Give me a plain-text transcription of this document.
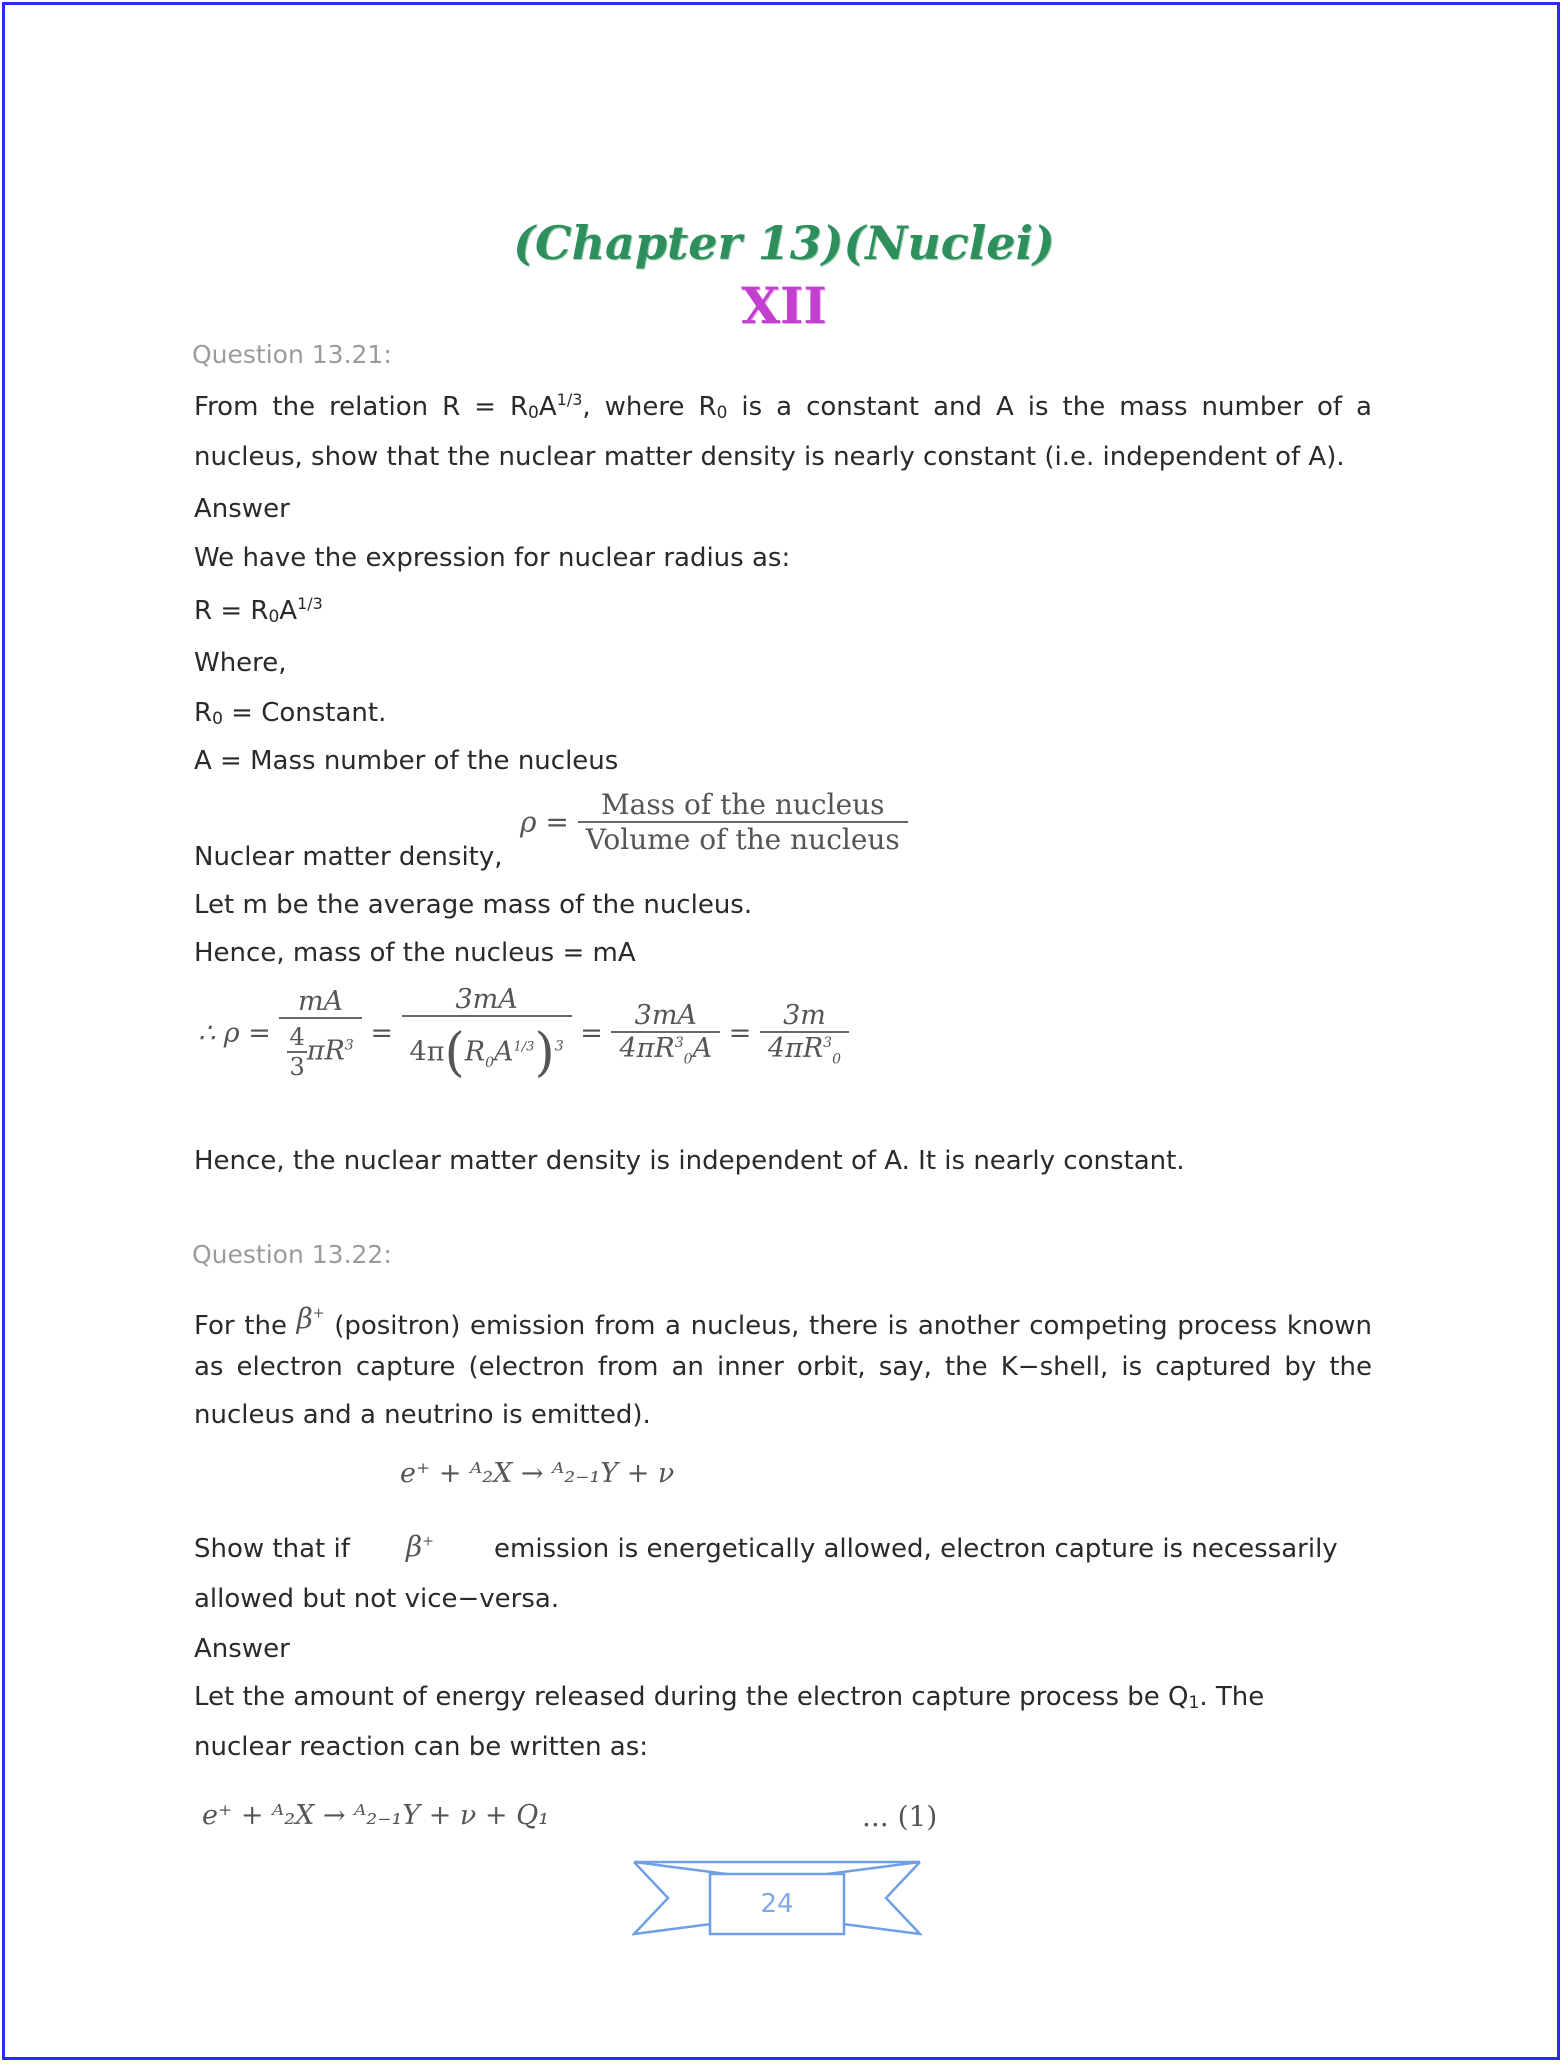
(Chapter 13)(Nuclei)
XII
Question 13.21:
From the relation $R = R0A^{1/3}$, where R0 is a constant and A is the mass number of a
nucleus, show that the nuclear matter density is nearly constant (i.e. independent of A).
Answer
We have the expression for nuclear radius as:
$R = R0A^{1/3}$
Where,
R0 = Constant.
A = Mass number of the nucleus
Nuclear matter density,
$\rho = \frac{\text{Mass of the nucleus}}{\text{Volume of the nucleus}}$
Let m be the average mass of the nucleus.
Hence, mass of the nucleus = mA
∴ $\rho = \frac{mA}{\frac{4}{3} \pi R^3} = \frac{3mA}{4\pi(R_0A^{1/3})^3} = \frac{3mA}{4\pi R^3_0A} = \frac{3m}{4\pi R^3_0}$
Hence, the nuclear matter density is independent of A. It is nearly constant.
Question 13.22:
For the β+ (positron) emission from a nucleus, there is another competing process known
as electron capture (electron from an inner orbit, say, the K−shell, is captured by the
nucleus and a neutrino is emitted).
e⁺ + ᴬ₂X → ᴬ₂₋₁Y + ν
Show that if β+ emission is energetically allowed, electron capture is necessarily
allowed but not vice−versa.
Answer
Let the amount of energy released during the electron capture process be Q1. The
nuclear reaction can be written as:
e⁺ + ᴬ₂X → ᴬ₂₋₁Y + ν + Q₁	... (1)
24
